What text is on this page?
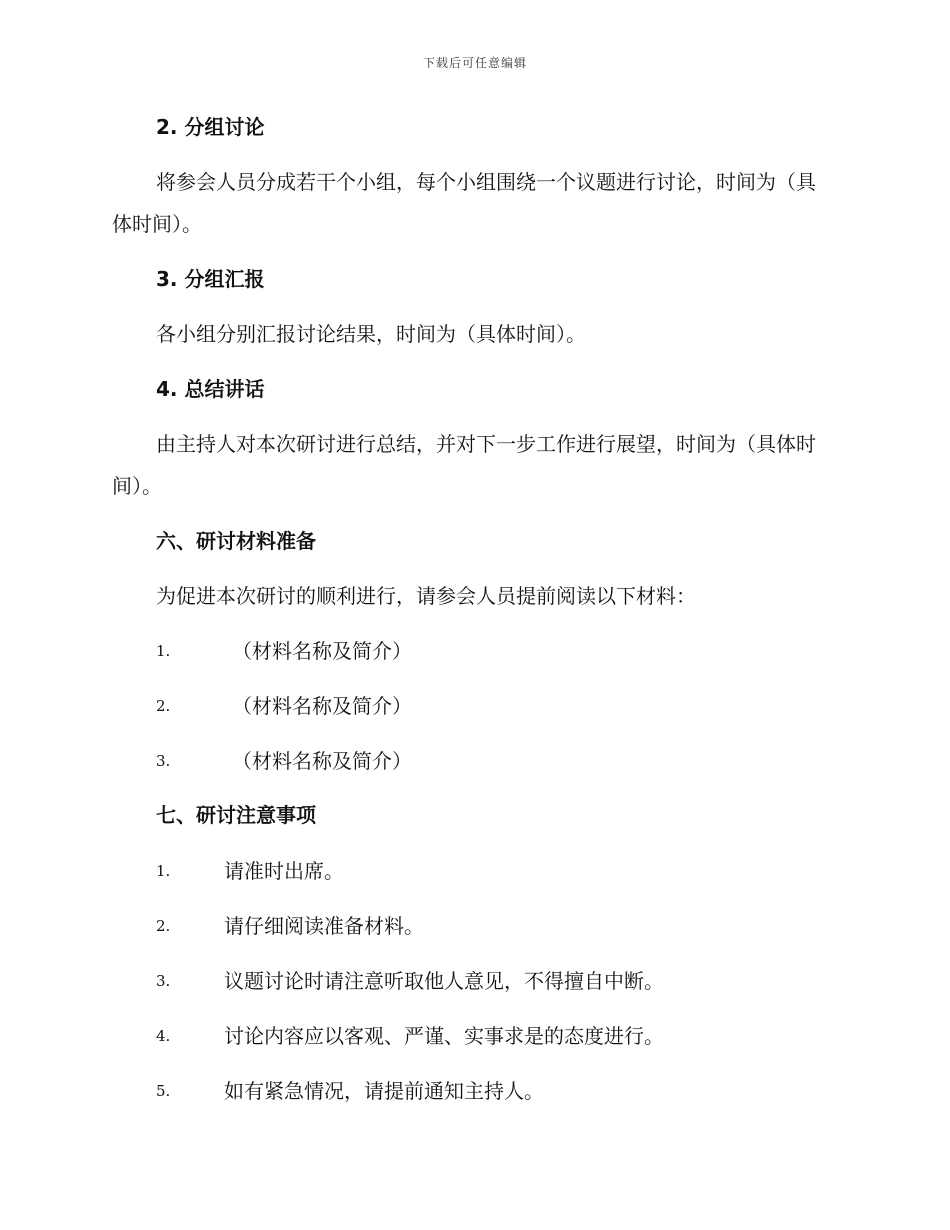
下载后可任意编辑
2. 分组讨论
将参会人员分成若干个小组，每个小组围绕一个议题进行讨论，时间为（具体时间）。
3. 分组汇报
各小组分别汇报讨论结果，时间为（具体时间）。
4. 总结讲话
由主持人对本次研讨进行总结，并对下一步工作进行展望，时间为（具体时间）。
六、研讨材料准备
为促进本次研讨的顺利进行，请参会人员提前阅读以下材料：
1.	（材料名称及简介）
2.	（材料名称及简介）
3.	（材料名称及简介）
七、研讨注意事项
1.	请准时出席。
2.	请仔细阅读准备材料。
3.	议题讨论时请注意听取他人意见，不得擅自中断。
4.	讨论内容应以客观、严谨、实事求是的态度进行。
5.	如有紧急情况，请提前通知主持人。
